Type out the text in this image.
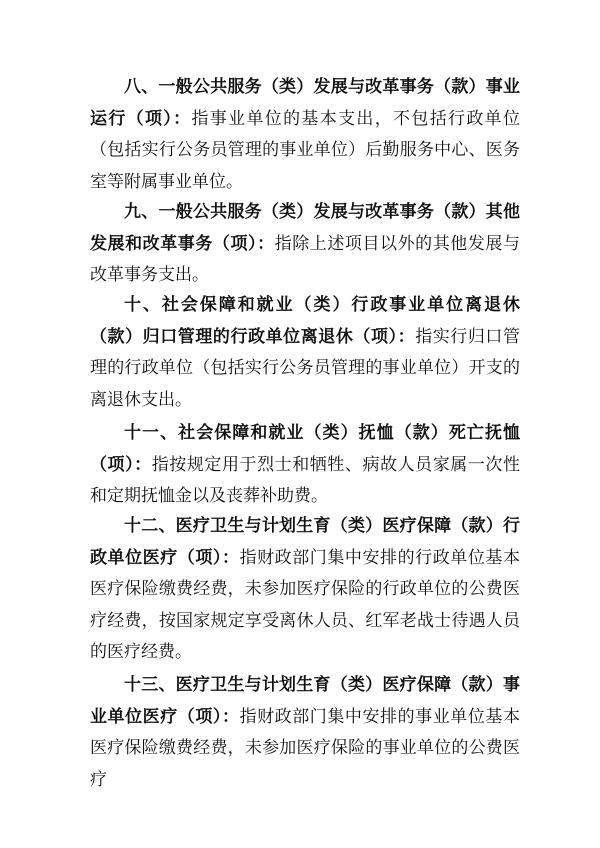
八、一般公共服务（类）发展与改革事务（款）事业运行（项）：指事业单位的基本支出，不包括行政单位（包括实行公务员管理的事业单位）后勤服务中心、医务室等附属事业单位。

九、一般公共服务（类）发展与改革事务（款）其他发展和改革事务（项）：指除上述项目以外的其他发展与改革事务支出。

十、社会保障和就业（类）行政事业单位离退休（款）归口管理的行政单位离退休（项）：指实行归口管理的行政单位（包括实行公务员管理的事业单位）开支的离退休支出。

十一、社会保障和就业（类）抚恤（款）死亡抚恤（项）：指按规定用于烈士和牺牲、病故人员家属一次性和定期抚恤金以及丧葬补助费。

十二、医疗卫生与计划生育（类）医疗保障（款）行政单位医疗（项）：指财政部门集中安排的行政单位基本医疗保险缴费经费，未参加医疗保险的行政单位的公费医疗经费，按国家规定享受离休人员、红军老战士待遇人员的医疗经费。

十三、医疗卫生与计划生育（类）医疗保障（款）事业单位医疗（项）：指财政部门集中安排的事业单位基本医疗保险缴费经费，未参加医疗保险的事业单位的公费医疗
